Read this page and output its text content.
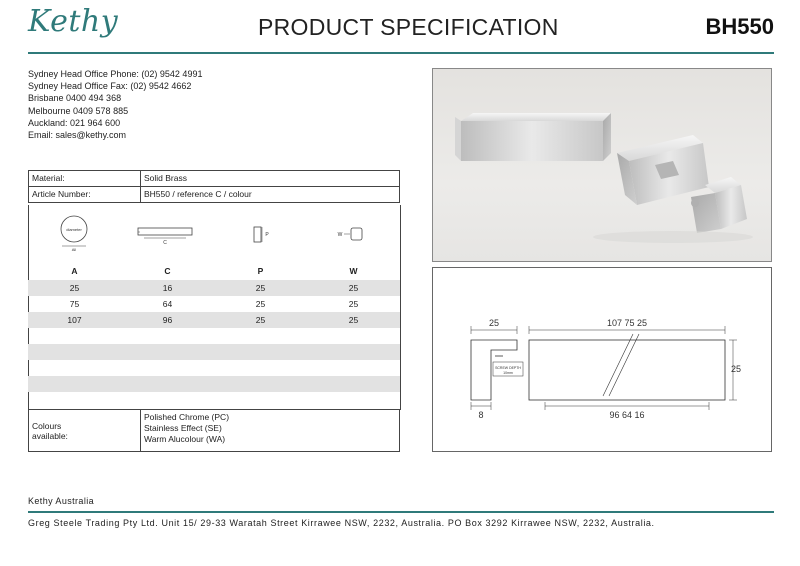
Kethy	PRODUCT SPECIFICATION	BH550
Sydney Head Office Phone: (02) 9542 4991
Sydney Head Office Fax: (02) 9542 4662
Brisbane 0400 494 368
Melbourne 0409 578 885
Auckland: 021 964 600
Email: sales@kethy.com
Material:	Solid Brass
Article Number:	BH550 / reference C / colour
diameter
All
C
P	W
A	C	P	W
25	16	25	25
75	64	25	25
107	96	25	25
Colours
available:

Polished Chrome (PC)
Stainless Effect (SE)
Warm Alucolour (WA)
25	107 75 25
25
8	96 64 16
SCREW DEPTH
10mm
Kethy Australia
Greg Steele Trading Pty Ltd. Unit 15/ 29-33 Waratah Street Kirrawee NSW, 2232, Australia. PO Box 3292 Kirrawee NSW, 2232, Australia.
